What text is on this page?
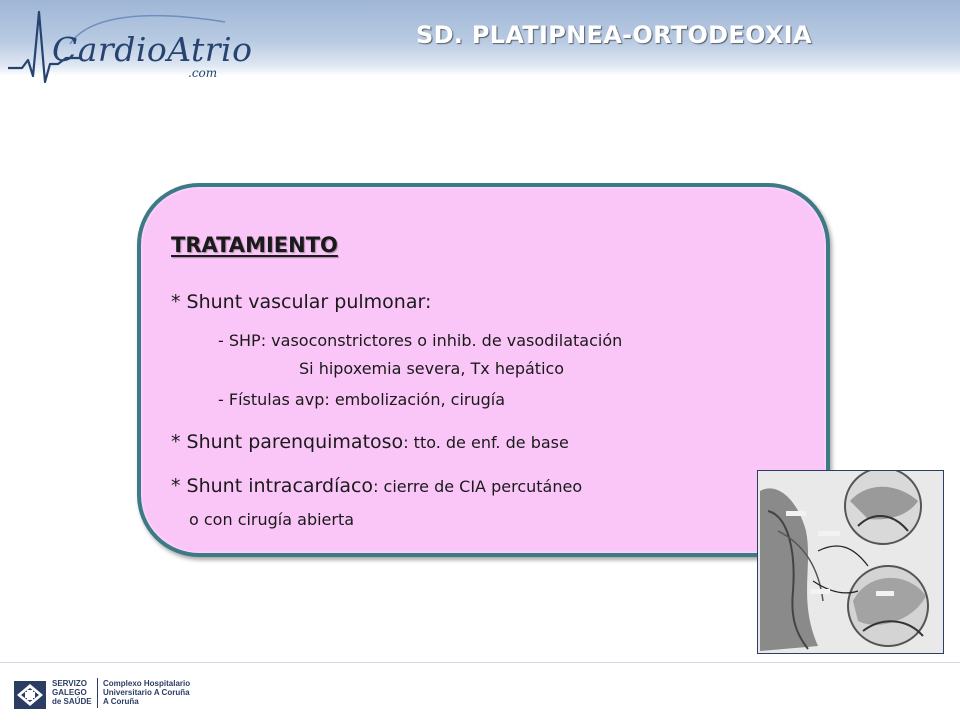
CardioAtrio
.com
SD. PLATIPNEA-ORTODEOXIA
TRATAMIENTO
* Shunt vascular pulmonar:
- SHP: vasoconstrictores o inhib. de vasodilatación
Si hipoxemia severa, Tx hepático
- Fístulas avp: embolización, cirugía
* Shunt parenquimatoso: tto. de enf. de base
* Shunt intracardíaco: cierre de CIA percutáneo
o con cirugía abierta
SERVIZO
GALEGO
de SAÚDE
Complexo Hospitalario
Universitario A Coruña
A Coruña
